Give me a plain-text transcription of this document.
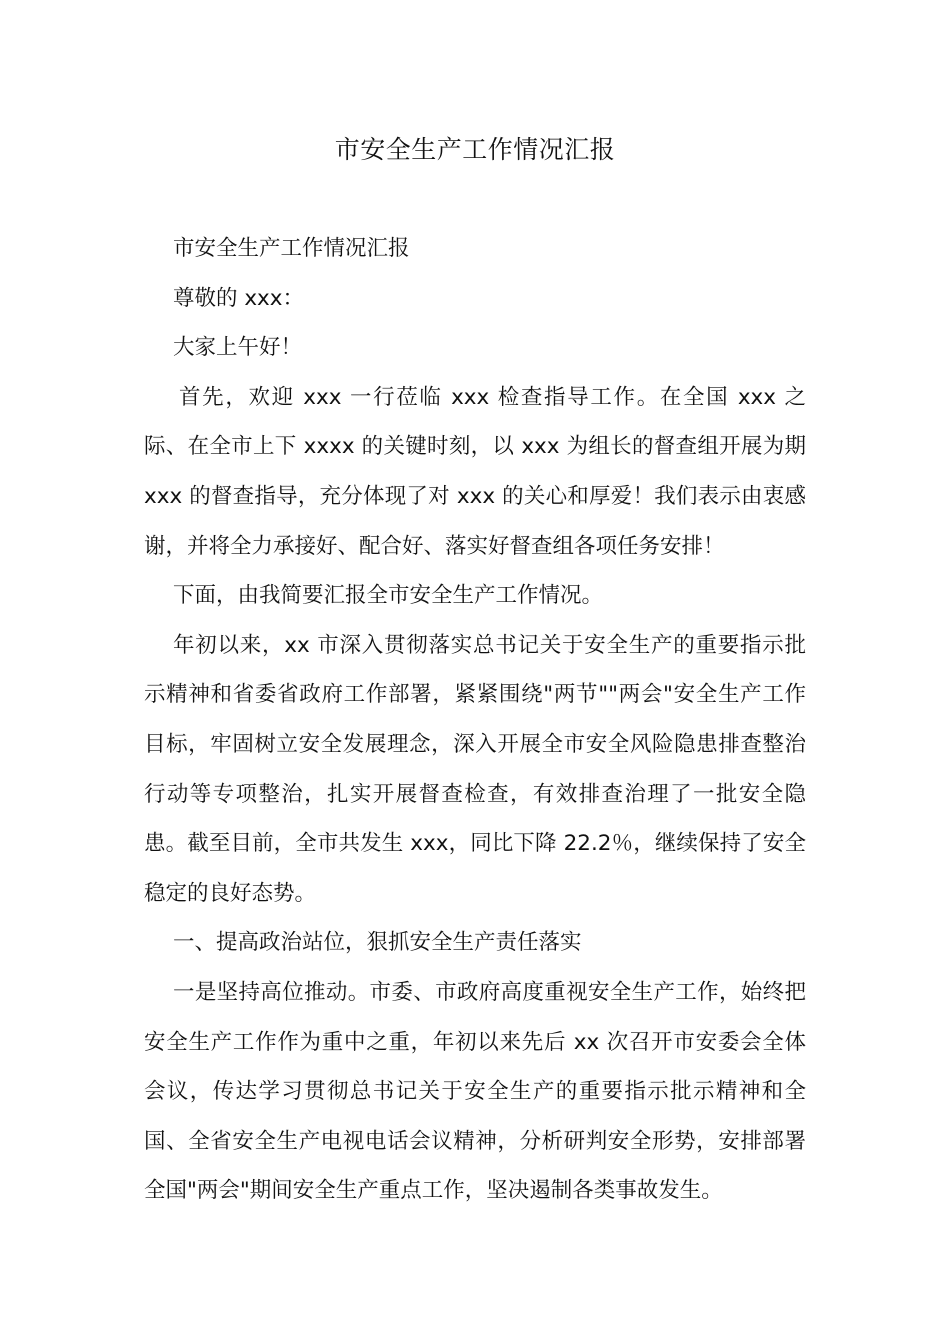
市安全生产工作情况汇报

市安全生产工作情况汇报

尊敬的 xxx：

大家上午好！

首先，欢迎 xxx 一行莅临 xxx 检查指导工作。在全国 xxx 之际、在全市上下 xxxx 的关键时刻，以 xxx 为组长的督查组开展为期 xxx 的督查指导，充分体现了对 xxx 的关心和厚爱！我们表示由衷感谢，并将全力承接好、配合好、落实好督查组各项任务安排！

下面，由我简要汇报全市安全生产工作情况。

年初以来，xx 市深入贯彻落实总书记关于安全生产的重要指示批示精神和省委省政府工作部署，紧紧围绕"两节""两会"安全生产工作目标，牢固树立安全发展理念，深入开展全市安全风险隐患排查整治行动等专项整治，扎实开展督查检查，有效排查治理了一批安全隐患。截至目前，全市共发生 xxx，同比下降 22.2％，继续保持了安全稳定的良好态势。

一、提高政治站位，狠抓安全生产责任落实

一是坚持高位推动。市委、市政府高度重视安全生产工作，始终把安全生产工作作为重中之重，年初以来先后 xx 次召开市安委会全体会议，传达学习贯彻总书记关于安全生产的重要指示批示精神和全国、全省安全生产电视电话会议精神，分析研判安全形势，安排部署全国"两会"期间安全生产重点工作，坚决遏制各类事故发生。
